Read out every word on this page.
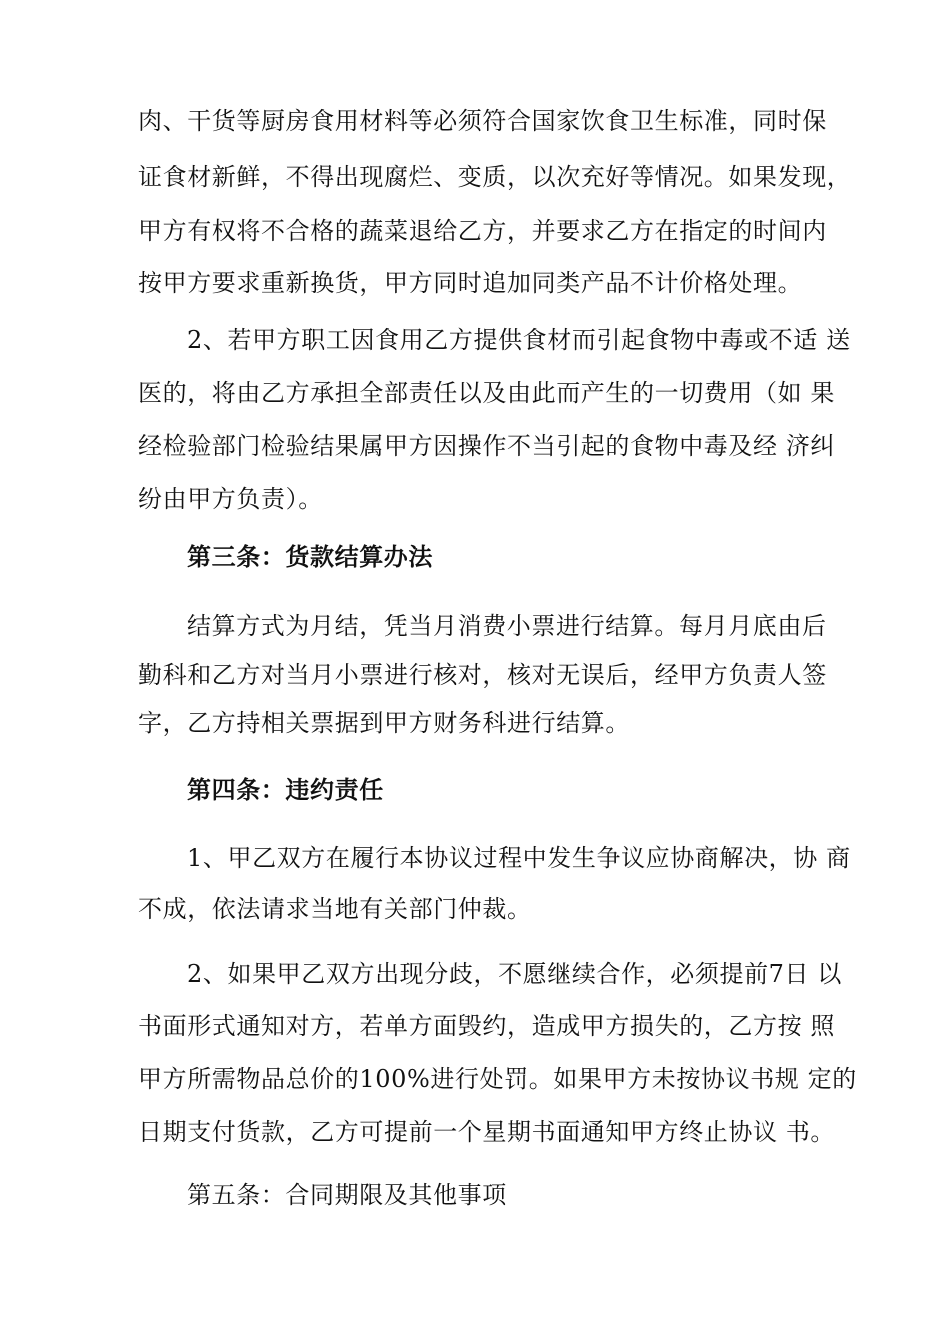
肉、干货等厨房食用材料等必须符合国家饮食卫生标准，同时保
证食材新鲜，不得出现腐烂、变质，以次充好等情况。如果发现，
甲方有权将不合格的蔬菜退给乙方，并要求乙方在指定的时间内
按甲方要求重新换货，甲方同时追加同类产品不计价格处理。
2、若甲方职工因食用乙方提供食材而引起食物中毒或不适 送
医的，将由乙方承担全部责任以及由此而产生的一切费用（如 果
经检验部门检验结果属甲方因操作不当引起的食物中毒及经 济纠
纷由甲方负责）。
第三条：货款结算办法
结算方式为月结，凭当月消费小票进行结算。每月月底由后
勤科和乙方对当月小票进行核对，核对无误后，经甲方负责人签
字，乙方持相关票据到甲方财务科进行结算。
第四条：违约责任
1、甲乙双方在履行本协议过程中发生争议应协商解决，协 商
不成，依法请求当地有关部门仲裁。
2、如果甲乙双方出现分歧，不愿继续合作，必须提前7日 以
书面形式通知对方，若单方面毁约，造成甲方损失的，乙方按 照
甲方所需物品总价的100%进行处罚。如果甲方未按协议书规 定的
日期支付货款，乙方可提前一个星期书面通知甲方终止协议 书。
第五条：合同期限及其他事项
